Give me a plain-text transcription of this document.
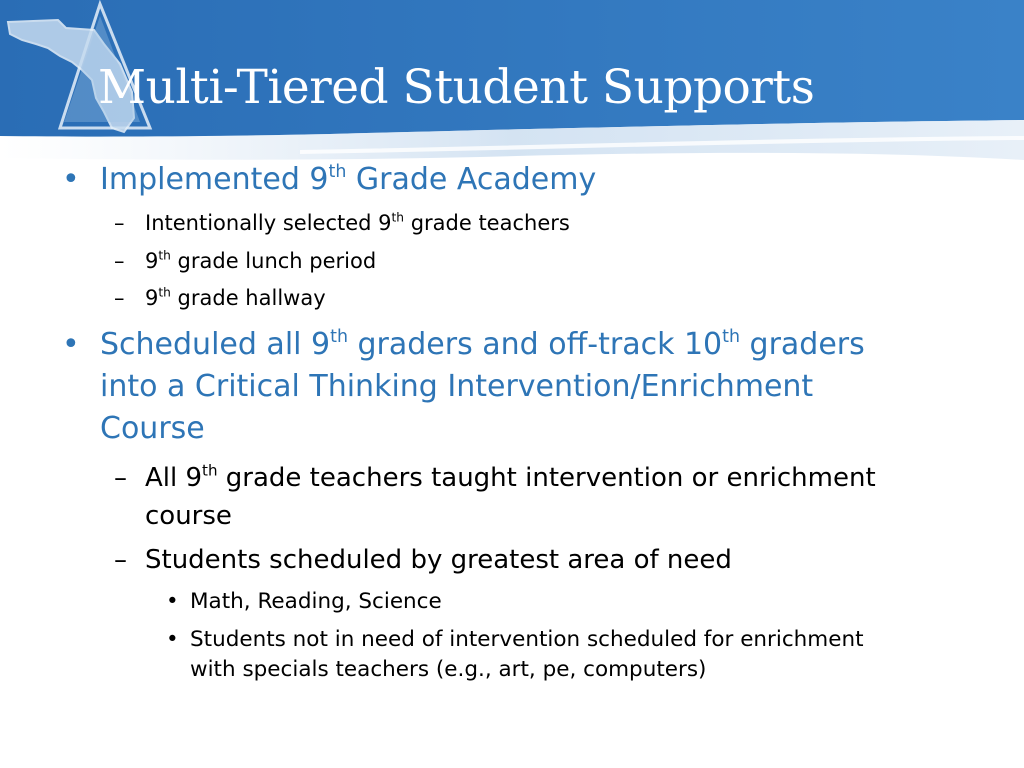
Multi-Tiered Student Supports
• Implemented 9th Grade Academy
– Intentionally selected 9th grade teachers
– 9th grade lunch period
– 9th grade hallway
• Scheduled all 9th graders and off-track 10th graders
into a Critical Thinking Intervention/Enrichment
Course
– All 9th grade teachers taught intervention or enrichment
course
– Students scheduled by greatest area of need
• Math, Reading, Science
• Students not in need of intervention scheduled for enrichment
with specials teachers (e.g., art, pe, computers)
